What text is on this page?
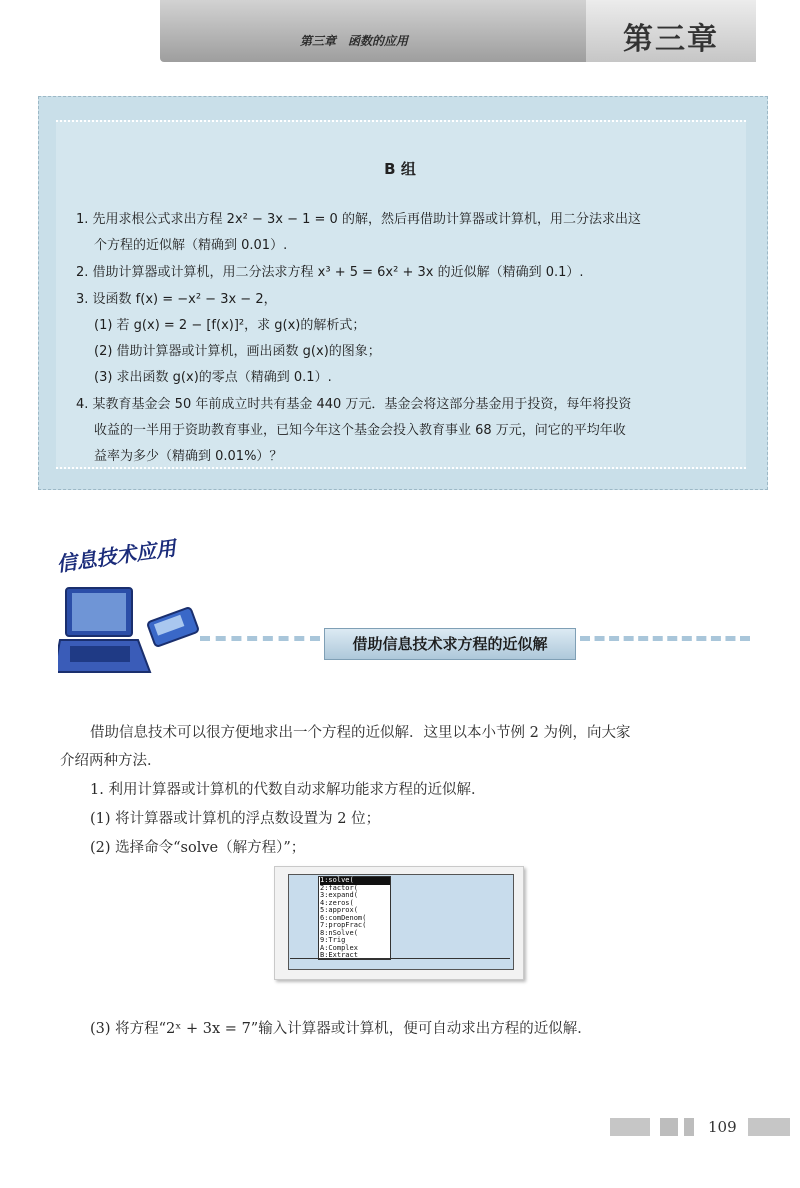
第三章　函数的应用	第三章
B 组
1. 先用求根公式求出方程 2x² − 3x − 1 = 0 的解，然后再借助计算器或计算机，用二分法求出这
个方程的近似解（精确到 0.01）.
2. 借助计算器或计算机，用二分法求方程 x³ + 5 = 6x² + 3x 的近似解（精确到 0.1）.
3. 设函数 f(x) = −x² − 3x − 2，
(1) 若 g(x) = 2 − [f(x)]²，求 g(x)的解析式；
(2) 借助计算器或计算机，画出函数 g(x)的图象；
(3) 求出函数 g(x)的零点（精确到 0.1）.
4. 某教育基金会 50 年前成立时共有基金 440 万元．基金会将这部分基金用于投资，每年将投资
收益的一半用于资助教育事业，已知今年这个基金会投入教育事业 68 万元，问它的平均年收
益率为多少（精确到 0.01%）？
信息技术应用
借助信息技术求方程的近似解
借助信息技术可以很方便地求出一个方程的近似解．这里以本小节例 2 为例，向大家
介绍两种方法．
1. 利用计算器或计算机的代数自动求解功能求方程的近似解．
(1) 将计算器或计算机的浮点数设置为 2 位；
(2) 选择命令“solve（解方程）”；
1:solve(
2:factor(
3:expand(
4:zeros(
5:approx(
6:comDenom(
7:propFrac(
8:nSolve(
9:Trig
A:Complex
B:Extract
(3) 将方程“2ˣ + 3x = 7”输入计算器或计算机，便可自动求出方程的近似解．
109
